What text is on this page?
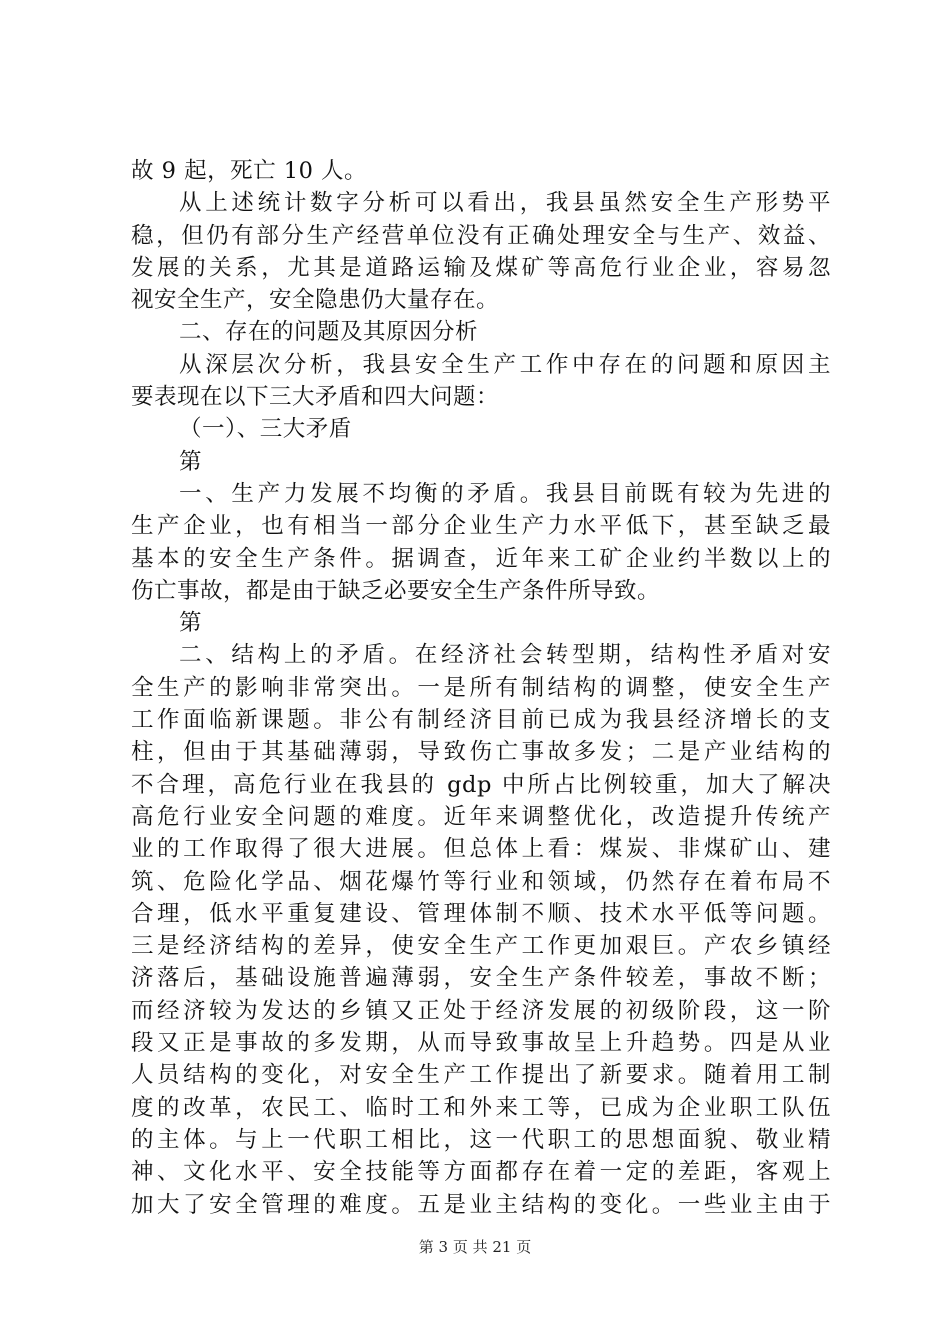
故 9 起，死亡 10 人。
从上述统计数字分析可以看出，我县虽然安全生产形势平
稳，但仍有部分生产经营单位没有正确处理安全与生产、效益、
发展的关系，尤其是道路运输及煤矿等高危行业企业，容易忽
视安全生产，安全隐患仍大量存在。
二、存在的问题及其原因分析
从深层次分析，我县安全生产工作中存在的问题和原因主
要表现在以下三大矛盾和四大问题：
（一）、三大矛盾
第
一、生产力发展不均衡的矛盾。我县目前既有较为先进的
生产企业，也有相当一部分企业生产力水平低下，甚至缺乏最
基本的安全生产条件。据调查，近年来工矿企业约半数以上的
伤亡事故，都是由于缺乏必要安全生产条件所导致。
第
二、结构上的矛盾。在经济社会转型期，结构性矛盾对安
全生产的影响非常突出。一是所有制结构的调整，使安全生产
工作面临新课题。非公有制经济目前已成为我县经济增长的支
柱，但由于其基础薄弱，导致伤亡事故多发；二是产业结构的
不合理，高危行业在我县的 gdp 中所占比例较重，加大了解决
高危行业安全问题的难度。近年来调整优化，改造提升传统产
业的工作取得了很大进展。但总体上看：煤炭、非煤矿山、建
筑、危险化学品、烟花爆竹等行业和领域，仍然存在着布局不
合理，低水平重复建设、管理体制不顺、技术水平低等问题。
三是经济结构的差异，使安全生产工作更加艰巨。产农乡镇经
济落后，基础设施普遍薄弱，安全生产条件较差，事故不断；
而经济较为发达的乡镇又正处于经济发展的初级阶段，这一阶
段又正是事故的多发期，从而导致事故呈上升趋势。四是从业
人员结构的变化，对安全生产工作提出了新要求。随着用工制
度的改革，农民工、临时工和外来工等，已成为企业职工队伍
的主体。与上一代职工相比，这一代职工的思想面貌、敬业精
神、文化水平、安全技能等方面都存在着一定的差距，客观上
加大了安全管理的难度。五是业主结构的变化。一些业主由于
第 3 页 共 21 页
